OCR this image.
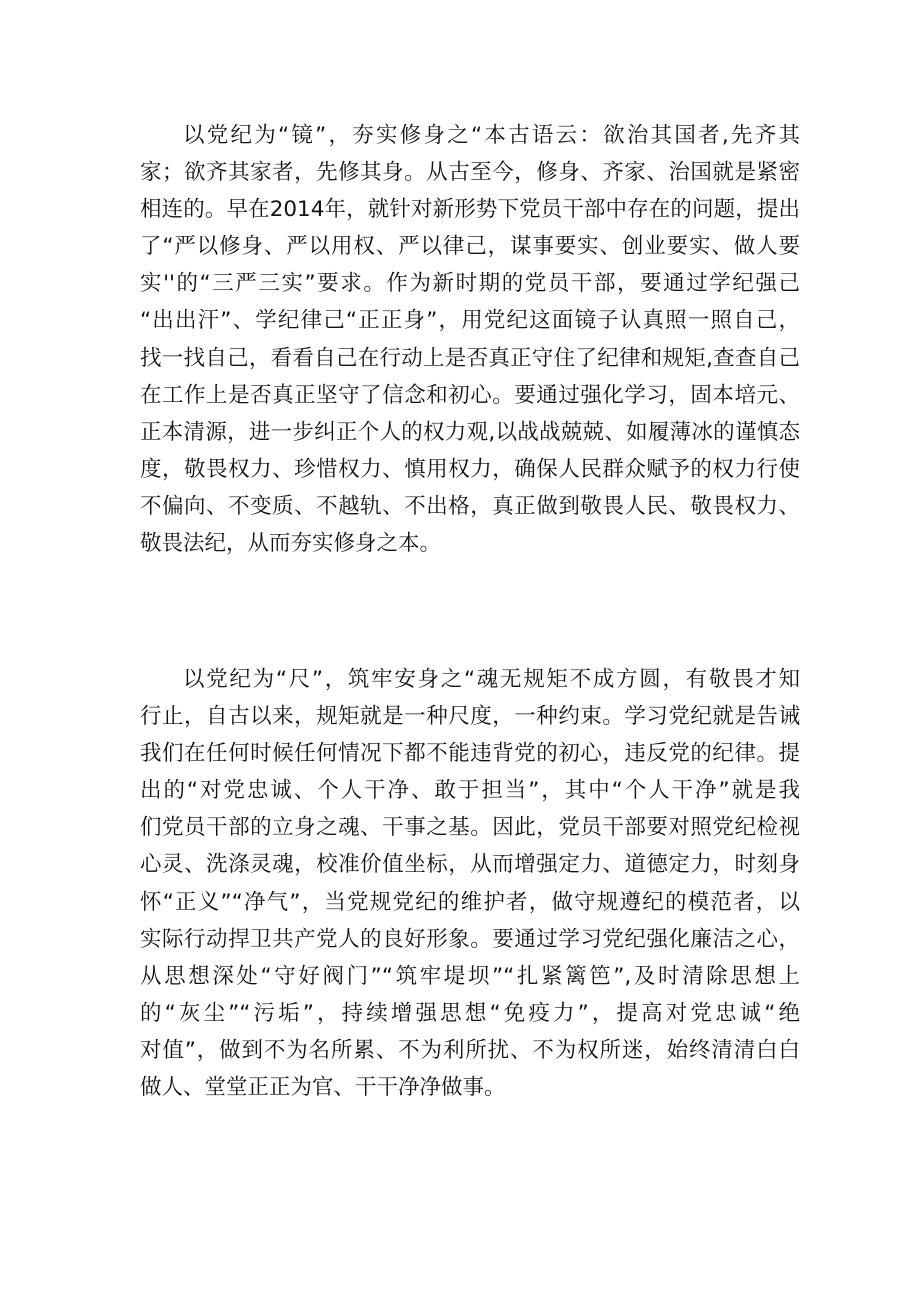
以党纪为“镜”，夯实修身之“本古语云：欲治其国者,先齐其
家；欲齐其家者，先修其身。从古至今，修身、齐家、治国就是紧密
相连的。早在2014年，就针对新形势下党员干部中存在的问题，提出
了“严以修身、严以用权、严以律己，谋事要实、创业要实、做人要
实''的“三严三实”要求。作为新时期的党员干部，要通过学纪强己
“出出汗”、学纪律己“正正身”，用党纪这面镜子认真照一照自己，
找一找自己，看看自己在行动上是否真正守住了纪律和规矩,查查自己
在工作上是否真正坚守了信念和初心。要通过强化学习，固本培元、
正本清源，进一步纠正个人的权力观,以战战兢兢、如履薄冰的谨慎态
度，敬畏权力、珍惜权力、慎用权力，确保人民群众赋予的权力行使
不偏向、不变质、不越轨、不出格，真正做到敬畏人民、敬畏权力、
敬畏法纪，从而夯实修身之本。
以党纪为“尺”，筑牢安身之“魂无规矩不成方圆，有敬畏才知
行止，自古以来，规矩就是一种尺度，一种约束。学习党纪就是告诫
我们在任何时候任何情况下都不能违背党的初心，违反党的纪律。提
出的“对党忠诚、个人干净、敢于担当”，其中“个人干净”就是我
们党员干部的立身之魂、干事之基。因此，党员干部要对照党纪检视
心灵、洗涤灵魂，校准价值坐标，从而增强定力、道德定力，时刻身
怀“正义”“净气”，当党规党纪的维护者，做守规遵纪的模范者，以
实际行动捍卫共产党人的良好形象。要通过学习党纪强化廉洁之心，
从思想深处“守好阀门”“筑牢堤坝”“扎紧篱笆”,及时清除思想上
的“灰尘”“污垢”，持续增强思想“免疫力”，提高对党忠诚“绝
对值”，做到不为名所累、不为利所扰、不为权所迷，始终清清白白
做人、堂堂正正为官、干干净净做事。
